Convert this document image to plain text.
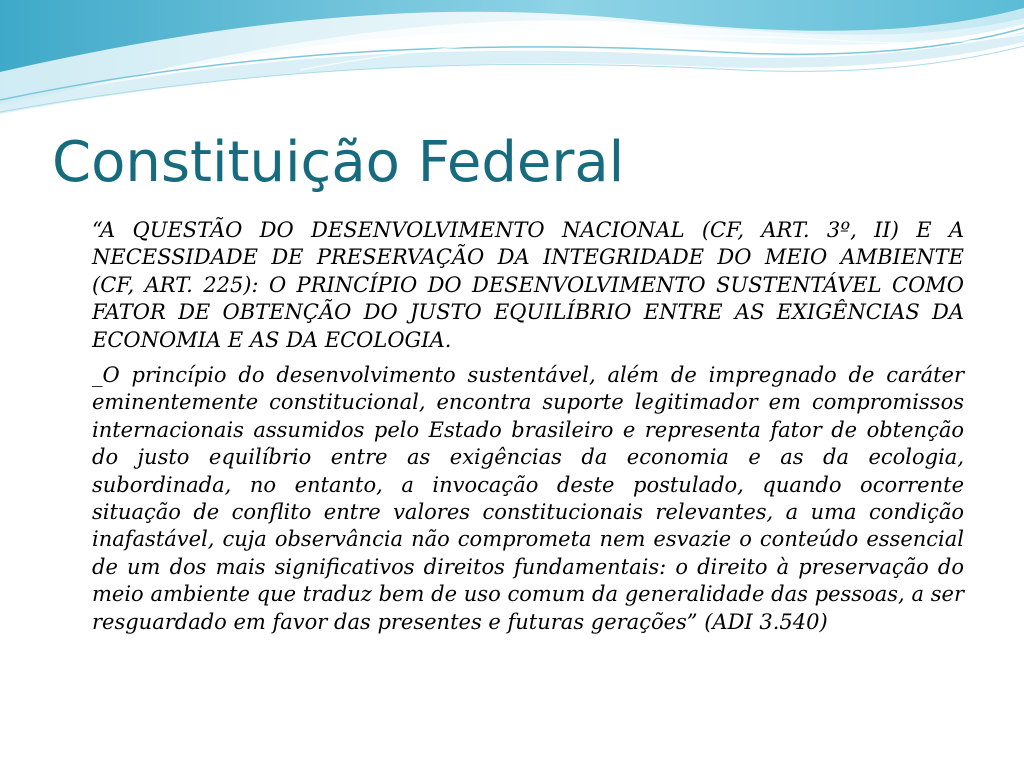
Constituição Federal

“A QUESTÃO DO DESENVOLVIMENTO NACIONAL (CF, ART. 3º, II) E A NECESSIDADE DE PRESERVAÇÃO DA INTEGRIDADE DO MEIO AMBIENTE (CF, ART. 225): O PRINCÍPIO DO DESENVOLVIMENTO SUSTENTÁVEL COMO FATOR DE OBTENÇÃO DO JUSTO EQUILÍBRIO ENTRE AS EXIGÊNCIAS DA ECONOMIA E AS DA ECOLOGIA.

_O princípio do desenvolvimento sustentável, além de impregnado de caráter eminentemente constitucional, encontra suporte legitimador em compromissos internacionais assumidos pelo Estado brasileiro e representa fator de obtenção do justo equilíbrio entre as exigências da economia e as da ecologia, subordinada, no entanto, a invocação deste postulado, quando ocorrente situação de conflito entre valores constitucionais relevantes, a uma condição inafastável, cuja observância não comprometa nem esvazie o conteúdo essencial de um dos mais significativos direitos fundamentais: o direito à preservação do meio ambiente que traduz bem de uso comum da generalidade das pessoas, a ser resguardado em favor das presentes e futuras gerações” (ADI 3.540)
